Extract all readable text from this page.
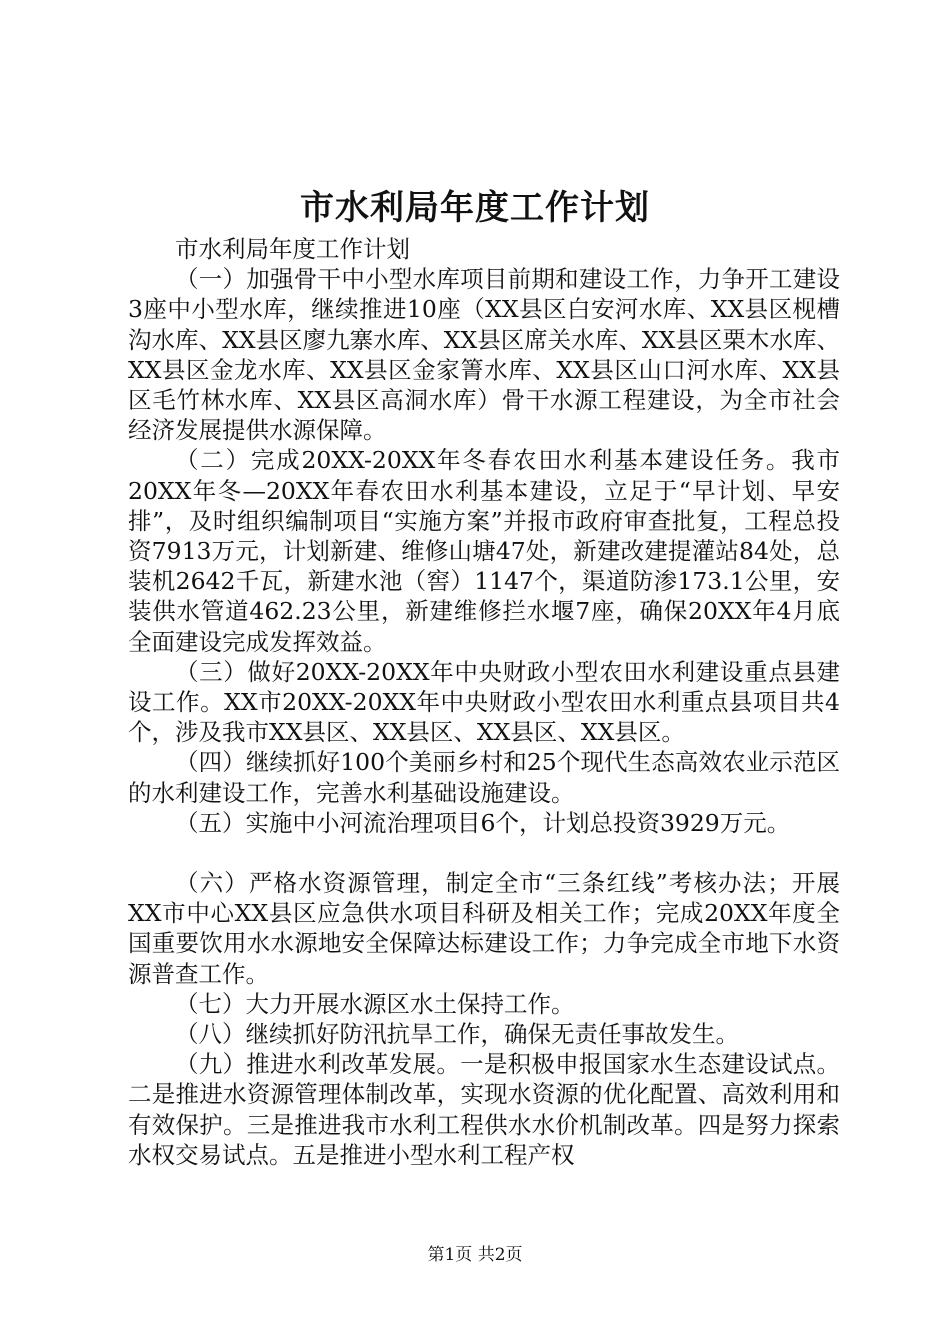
市水利局年度工作计划

市水利局年度工作计划

（一）加强骨干中小型水库项目前期和建设工作，力争开工建设3座中小型水库，继续推进10座（XX县区白安河水库、XX县区枧槽沟水库、XX县区廖九寨水库、XX县区席关水库、XX县区栗木水库、XX县区金龙水库、XX县区金家箐水库、XX县区山口河水库、XX县区毛竹林水库、XX县区高洞水库）骨干水源工程建设，为全市社会经济发展提供水源保障。

（二）完成20XX-20XX年冬春农田水利基本建设任务。我市20XX年冬—20XX年春农田水利基本建设，立足于“早计划、早安排”，及时组织编制项目“实施方案”并报市政府审查批复，工程总投资7913万元，计划新建、维修山塘47处，新建改建提灌站84处，总装机2642千瓦，新建水池（窖）1147个，渠道防渗173.1公里，安装供水管道462.23公里，新建维修拦水堰7座，确保20XX年4月底全面建设完成发挥效益。

（三）做好20XX-20XX年中央财政小型农田水利建设重点县建设工作。XX市20XX-20XX年中央财政小型农田水利重点县项目共4个，涉及我市XX县区、XX县区、XX县区、XX县区。

（四）继续抓好100个美丽乡村和25个现代生态高效农业示范区的水利建设工作，完善水利基础设施建设。

（五）实施中小河流治理项目6个，计划总投资3929万元。

（六）严格水资源管理，制定全市“三条红线”考核办法；开展XX市中心XX县区应急供水项目科研及相关工作；完成20XX年度全国重要饮用水水源地安全保障达标建设工作；力争完成全市地下水资源普查工作。

（七）大力开展水源区水土保持工作。

（八）继续抓好防汛抗旱工作，确保无责任事故发生。

（九）推进水利改革发展。一是积极申报国家水生态建设试点。二是推进水资源管理体制改革，实现水资源的优化配置、高效利用和有效保护。三是推进我市水利工程供水水价机制改革。四是努力探索水权交易试点。五是推进小型水利工程产权

第1页 共2页
